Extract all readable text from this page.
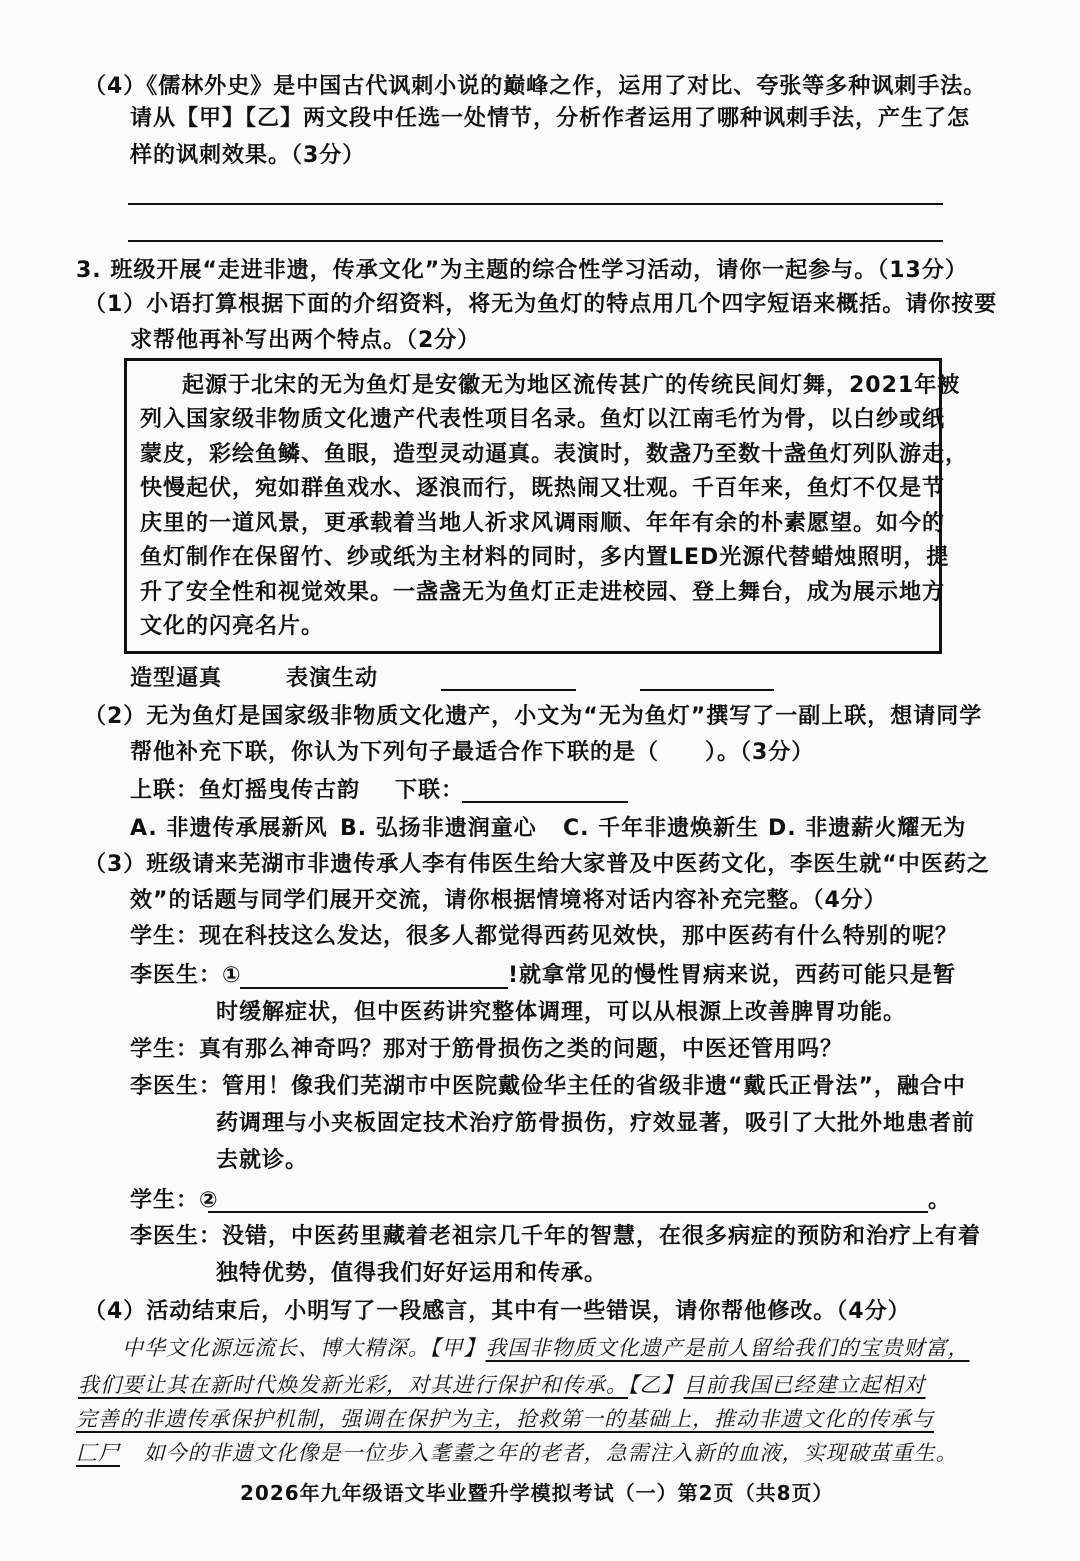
（4）《儒林外史》是中国古代讽刺小说的巅峰之作，运用了对比、夸张等多种讽刺手法。
请从【甲】【乙】两文段中任选一处情节，分析作者运用了哪种讽刺手法，产生了怎
样的讽刺效果。（3分）
3. 班级开展“走进非遗，传承文化”为主题的综合性学习活动，请你一起参与。（13分）
（1）小语打算根据下面的介绍资料，将无为鱼灯的特点用几个四字短语来概括。请你按要
求帮他再补写出两个特点。（2分）
起源于北宋的无为鱼灯是安徽无为地区流传甚广的传统民间灯舞，2021年被
列入国家级非物质文化遗产代表性项目名录。鱼灯以江南毛竹为骨，以白纱或纸
蒙皮，彩绘鱼鳞、鱼眼，造型灵动逼真。表演时，数盏乃至数十盏鱼灯列队游走，
快慢起伏，宛如群鱼戏水、逐浪而行，既热闹又壮观。千百年来，鱼灯不仅是节
庆里的一道风景，更承载着当地人祈求风调雨顺、年年有余的朴素愿望。如今的
鱼灯制作在保留竹、纱或纸为主材料的同时，多内置LED光源代替蜡烛照明，提
升了安全性和视觉效果。一盏盏无为鱼灯正走进校园、登上舞台，成为展示地方
文化的闪亮名片。
造型逼真	表演生动
（2）无为鱼灯是国家级非物质文化遗产，小文为“无为鱼灯”撰写了一副上联，想请同学
帮他补充下联，你认为下列句子最适合作下联的是（　　）。（3分）
上联：鱼灯摇曳传古韵 下联：
A. 非遗传承展新风 B. 弘扬非遗润童心 C. 千年非遗焕新生 D. 非遗薪火耀无为
（3）班级请来芜湖市非遗传承人李有伟医生给大家普及中医药文化，李医生就“中医药之
效”的话题与同学们展开交流，请你根据情境将对话内容补充完整。（4分）
学生：现在科技这么发达，很多人都觉得西药见效快，那中医药有什么特别的呢？
李医生：①	!就拿常见的慢性胃病来说，西药可能只是暂
时缓解症状，但中医药讲究整体调理，可以从根源上改善脾胃功能。
学生：真有那么神奇吗？那对于筋骨损伤之类的问题，中医还管用吗？
李医生：管用！像我们芜湖市中医院戴俭华主任的省级非遗“戴氏正骨法”，融合中
药调理与小夹板固定技术治疗筋骨损伤，疗效显著，吸引了大批外地患者前
去就诊。
学生：②	。
李医生：没错，中医药里藏着老祖宗几千年的智慧，在很多病症的预防和治疗上有着
独特优势，值得我们好好运用和传承。
（4）活动结束后，小明写了一段感言，其中有一些错误，请你帮他修改。（4分）
中华文化源远流长、博大精深。【甲】我国非物质文化遗产是前人留给我们的宝贵财富，
我们要让其在新时代焕发新光彩，对其进行保护和传承。【乙】目前我国已经建立起相对
完善的非遗传承保护机制，强调在保护为主，抢救第一的基础上，推动非遗文化的传承与
⼕⼫ 如今的非遗文化像是一位步入耄耋之年的老者，急需注入新的血液，实现破茧重生。
2026年九年级语文毕业暨升学模拟考试（一）第2页（共8页）
